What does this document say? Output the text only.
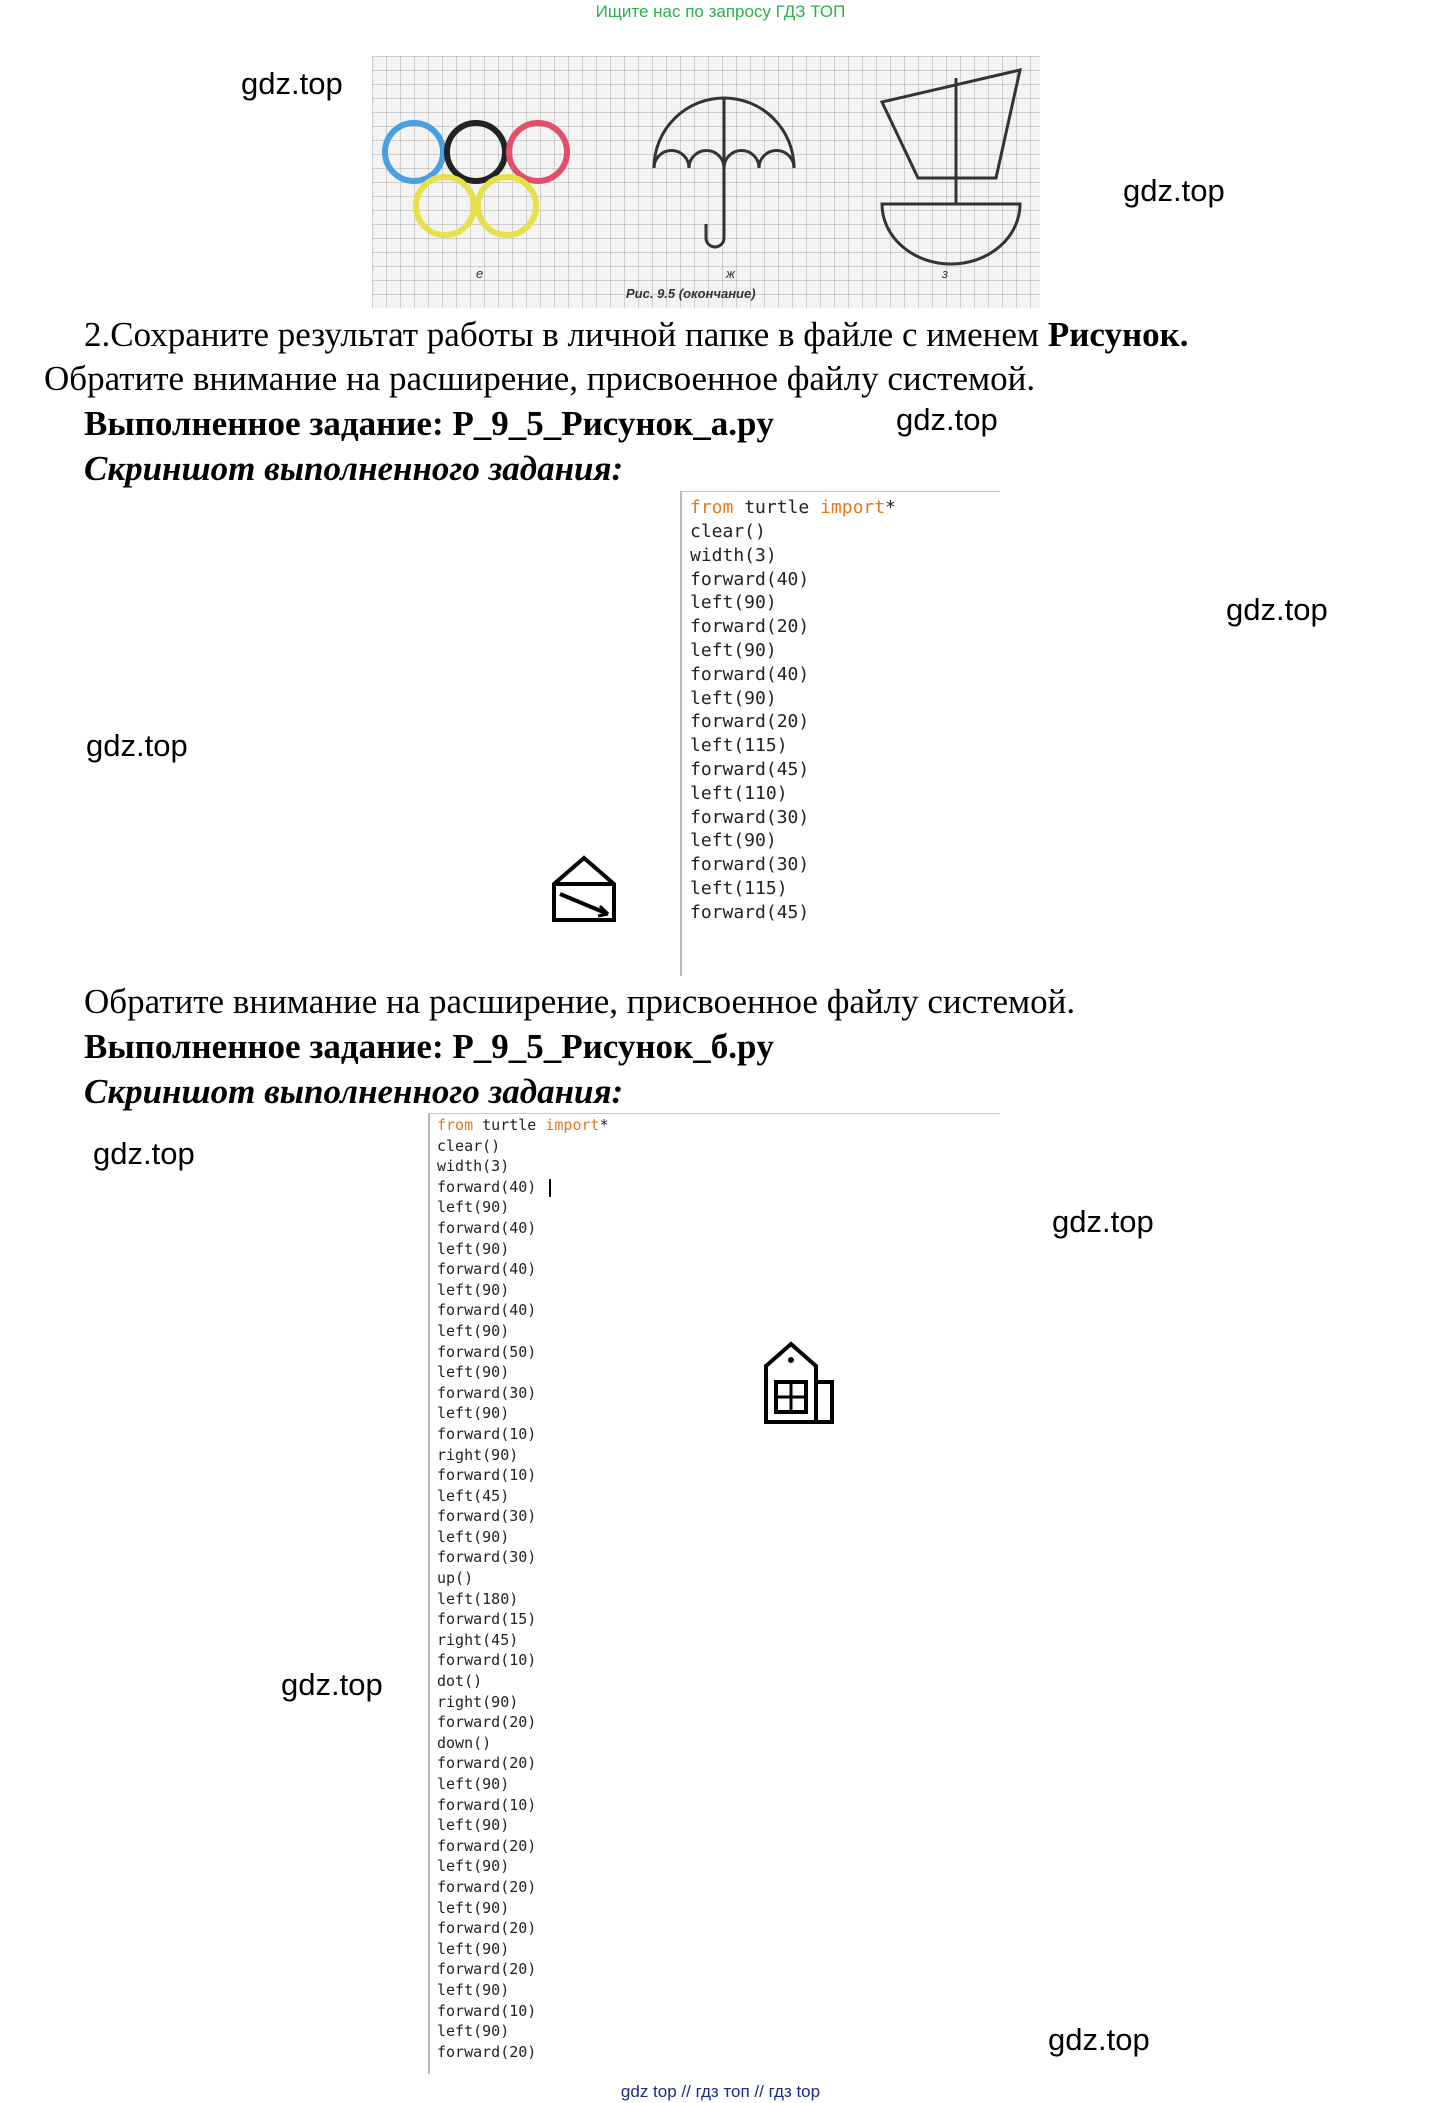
Ищите нас по запросу ГДЗ ТОП
gdz.top
gdz.top
gdz.top
gdz.top
gdz.top
gdz.top
gdz.top
gdz.top
gdz.top
е	ж	з
Рис. 9.5 (окончание)
2.Сохраните результат работы в личной папке в файле с именем Рисунок.
Обратите внимание на расширение, присвоенное файлу системой.
Выполненное задание: P_9_5_Рисунок_а.py
Скриншот выполненного задания:
from turtle import*
clear()
width(3)
forward(40)
left(90)
forward(20)
left(90)
forward(40)
left(90)
forward(20)
left(115)
forward(45)
left(110)
forward(30)
left(90)
forward(30)
left(115)
forward(45)
Обратите внимание на расширение, присвоенное файлу системой.
Выполненное задание: P_9_5_Рисунок_б.py
Скриншот выполненного задания:
from turtle import*
clear()
width(3)
forward(40)
left(90)
forward(40)
left(90)
forward(40)
left(90)
forward(40)
left(90)
forward(50)
left(90)
forward(30)
left(90)
forward(10)
right(90)
forward(10)
left(45)
forward(30)
left(90)
forward(30)
up()
left(180)
forward(15)
right(45)
forward(10)
dot()
right(90)
forward(20)
down()
forward(20)
left(90)
forward(10)
left(90)
forward(20)
left(90)
forward(20)
left(90)
forward(20)
left(90)
forward(20)
left(90)
forward(10)
left(90)
forward(20)
gdz top // гдз топ // гдз top
